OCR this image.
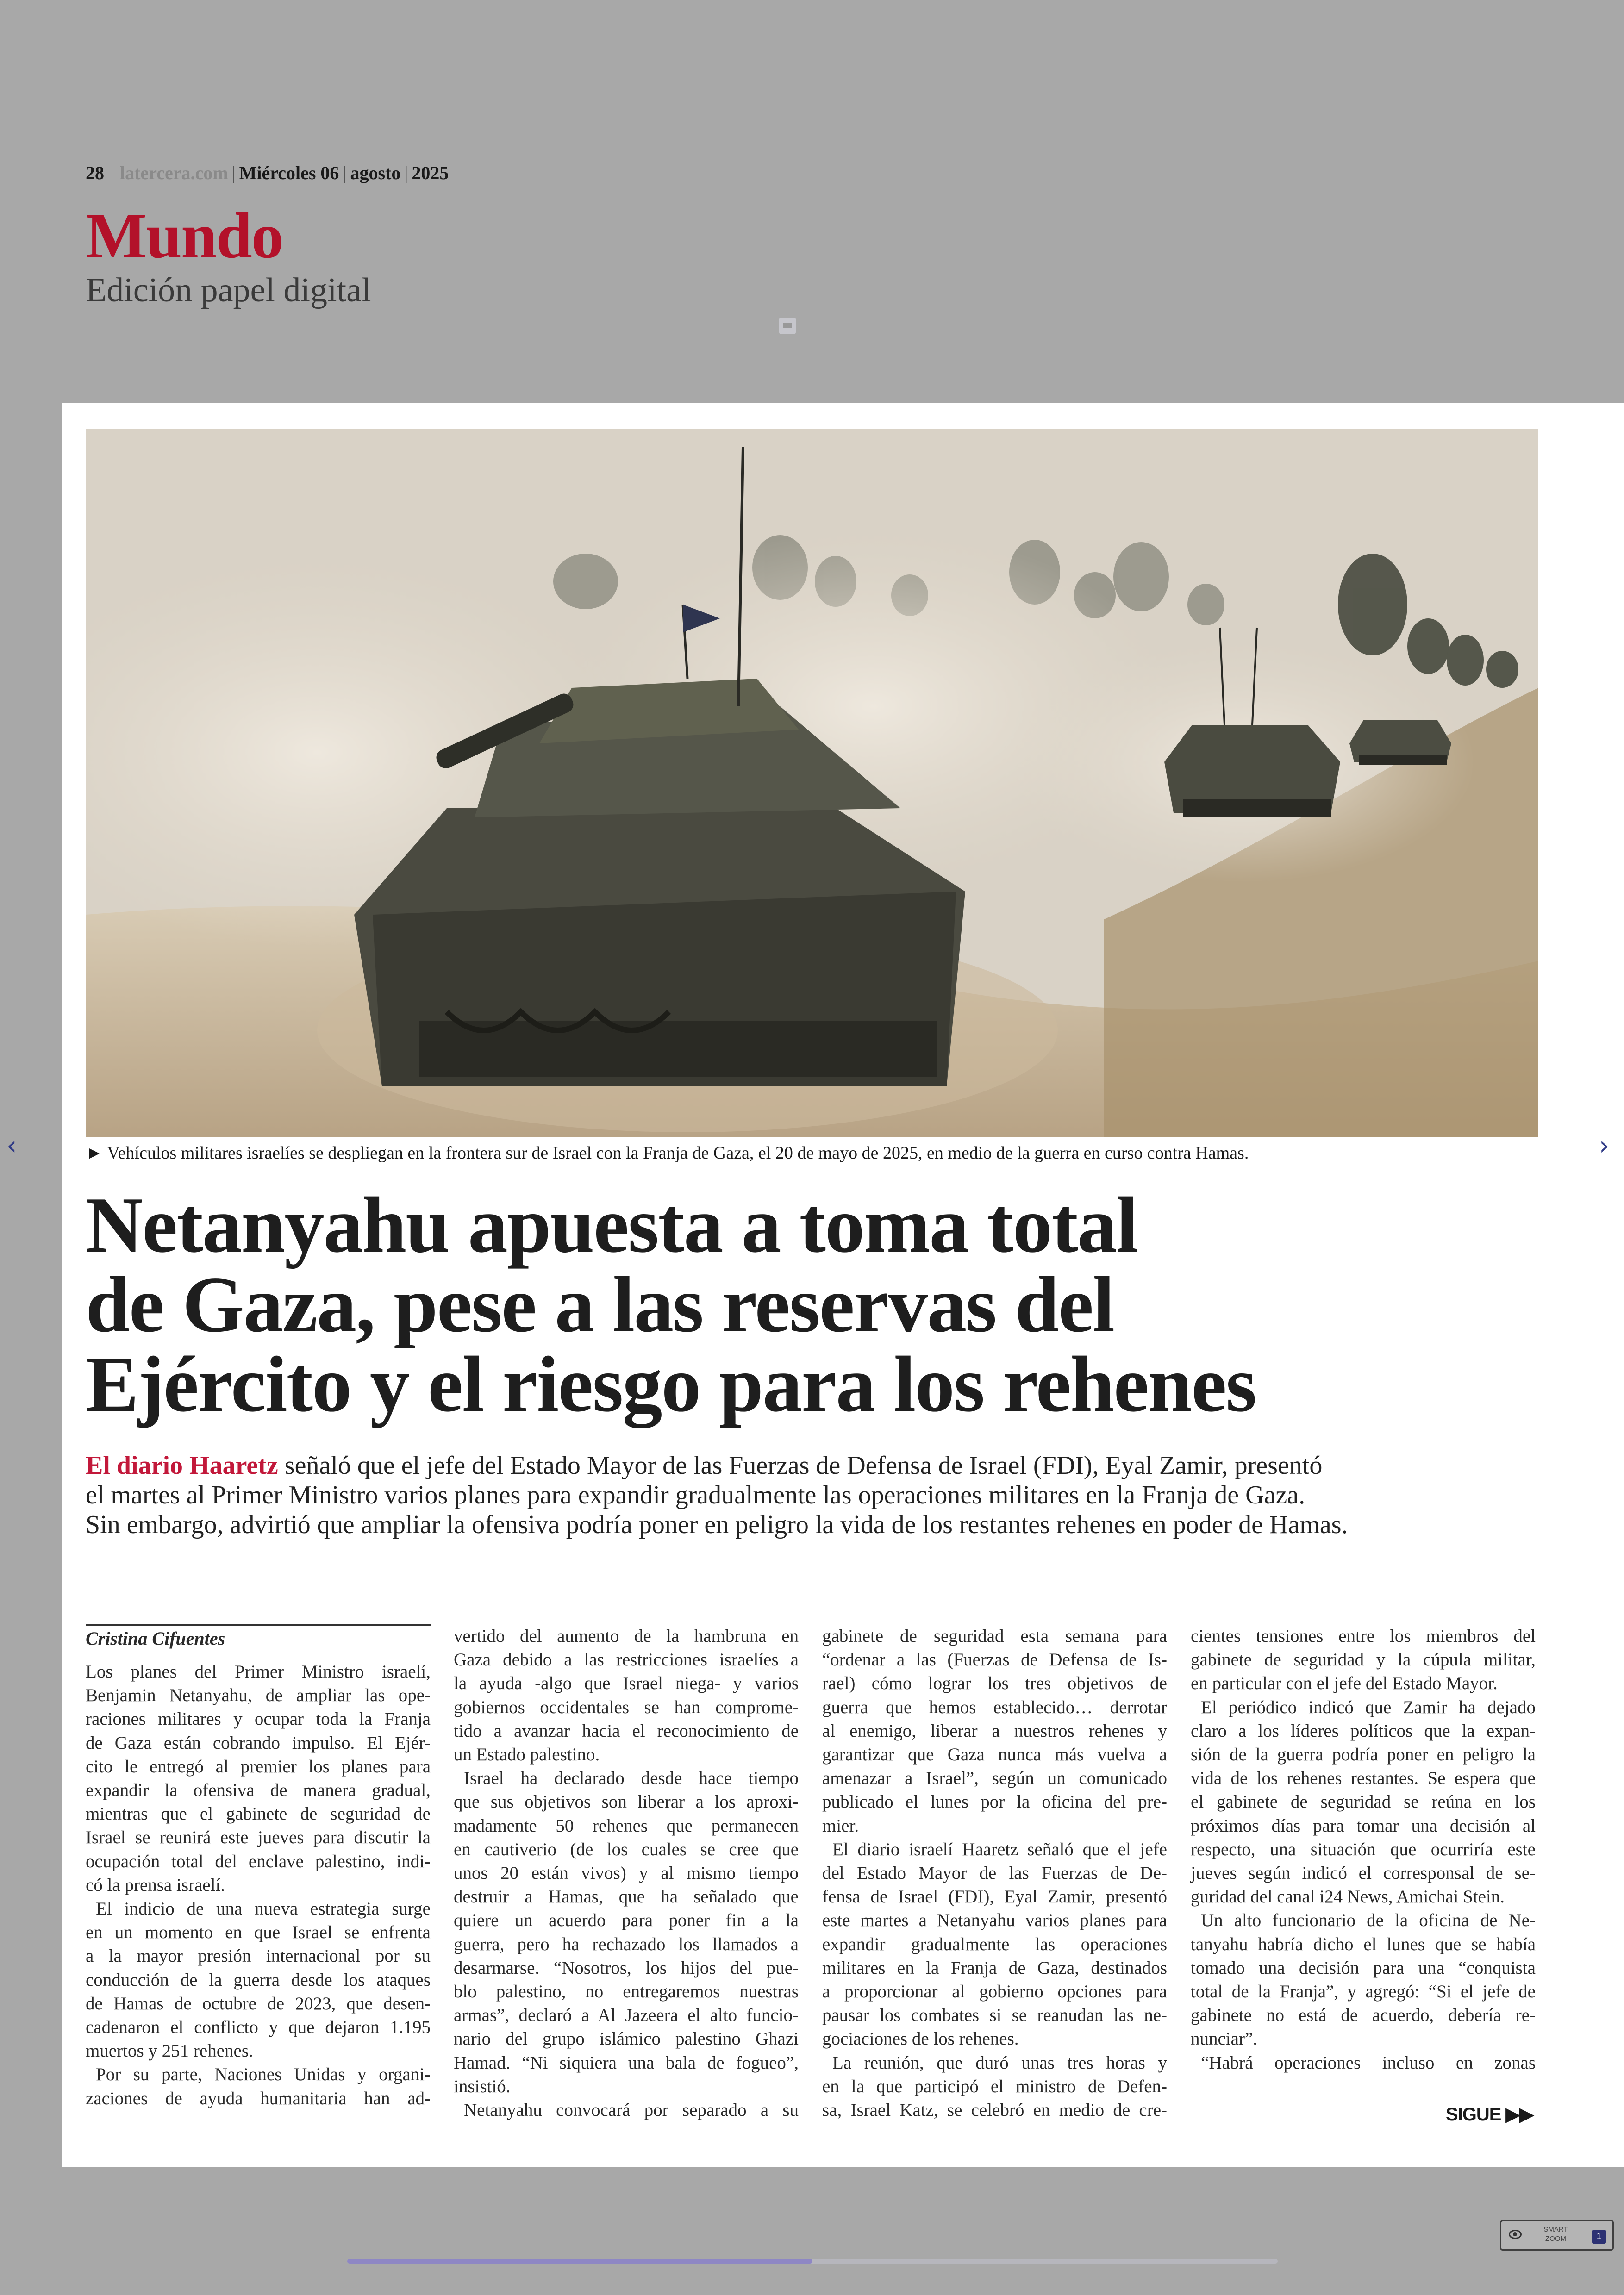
28 latercera.com | Miércoles 06 | agosto | 2025
Mundo
Edición papel digital
► Vehículos militares israelíes se despliegan en la frontera sur de Israel con la Franja de Gaza, el 20 de mayo de 2025, en medio de la guerra en curso contra Hamas.
Netanyahu apuesta a toma total
de Gaza, pese a las reservas del
Ejército y el riesgo para los rehenes
El diario Haaretz señaló que el jefe del Estado Mayor de las Fuerzas de Defensa de Israel (FDI), Eyal Zamir, presentó
el martes al Primer Ministro varios planes para expandir gradualmente las operaciones militares en la Franja de Gaza.
Sin embargo, advirtió que ampliar la ofensiva podría poner en peligro la vida de los restantes rehenes en poder de Hamas.
Cristina Cifuentes

Los planes del Primer Ministro israelí,

Benjamin Netanyahu, de ampliar las ope-

raciones militares y ocupar toda la Franja

de Gaza están cobrando impulso. El Ejér-

cito le entregó al premier los planes para

expandir la ofensiva de manera gradual,

mientras que el gabinete de seguridad de

Israel se reunirá este jueves para discutir la

ocupación total del enclave palestino, indi-

có la prensa israelí.

El indicio de una nueva estrategia surge

en un momento en que Israel se enfrenta

a la mayor presión internacional por su

conducción de la guerra desde los ataques

de Hamas de octubre de 2023, que desen-

cadenaron el conflicto y que dejaron 1.195

muertos y 251 rehenes.

Por su parte, Naciones Unidas y organi-

zaciones de ayuda humanitaria han ad-

vertido del aumento de la hambruna en

Gaza debido a las restricciones israelíes a

la ayuda -algo que Israel niega- y varios

gobiernos occidentales se han comprome-

tido a avanzar hacia el reconocimiento de

un Estado palestino.

Israel ha declarado desde hace tiempo

que sus objetivos son liberar a los aproxi-

madamente 50 rehenes que permanecen

en cautiverio (de los cuales se cree que

unos 20 están vivos) y al mismo tiempo

destruir a Hamas, que ha señalado que

quiere un acuerdo para poner fin a la

guerra, pero ha rechazado los llamados a

desarmarse. “Nosotros, los hijos del pue-

blo palestino, no entregaremos nuestras

armas”, declaró a Al Jazeera el alto funcio-

nario del grupo islámico palestino Ghazi

Hamad. “Ni siquiera una bala de fogueo”,

insistió.

Netanyahu convocará por separado a su

gabinete de seguridad esta semana para

“ordenar a las (Fuerzas de Defensa de Is-

rael) cómo lograr los tres objetivos de

guerra que hemos establecido… derrotar

al enemigo, liberar a nuestros rehenes y

garantizar que Gaza nunca más vuelva a

amenazar a Israel”, según un comunicado

publicado el lunes por la oficina del pre-

mier.

El diario israelí Haaretz señaló que el jefe

del Estado Mayor de las Fuerzas de De-

fensa de Israel (FDI), Eyal Zamir, presentó

este martes a Netanyahu varios planes para

expandir gradualmente las operaciones

militares en la Franja de Gaza, destinados

a proporcionar al gobierno opciones para

pausar los combates si se reanudan las ne-

gociaciones de los rehenes.

La reunión, que duró unas tres horas y

en la que participó el ministro de Defen-

sa, Israel Katz, se celebró en medio de cre-

cientes tensiones entre los miembros del

gabinete de seguridad y la cúpula militar,

en particular con el jefe del Estado Mayor.

El periódico indicó que Zamir ha dejado

claro a los líderes políticos que la expan-

sión de la guerra podría poner en peligro la

vida de los rehenes restantes. Se espera que

el gabinete de seguridad se reúna en los

próximos días para tomar una decisión al

respecto, una situación que ocurriría este

jueves según indicó el corresponsal de se-

guridad del canal i24 News, Amichai Stein.

Un alto funcionario de la oficina de Ne-

tanyahu habría dicho el lunes que se había

tomado una decisión para una “conquista

total de la Franja”, y agregó: “Si el jefe de

gabinete no está de acuerdo, debería re-

nunciar”.

“Habrá operaciones incluso en zonas

SIGUE ▶▶
‹	›
SMART
ZOOM	1
